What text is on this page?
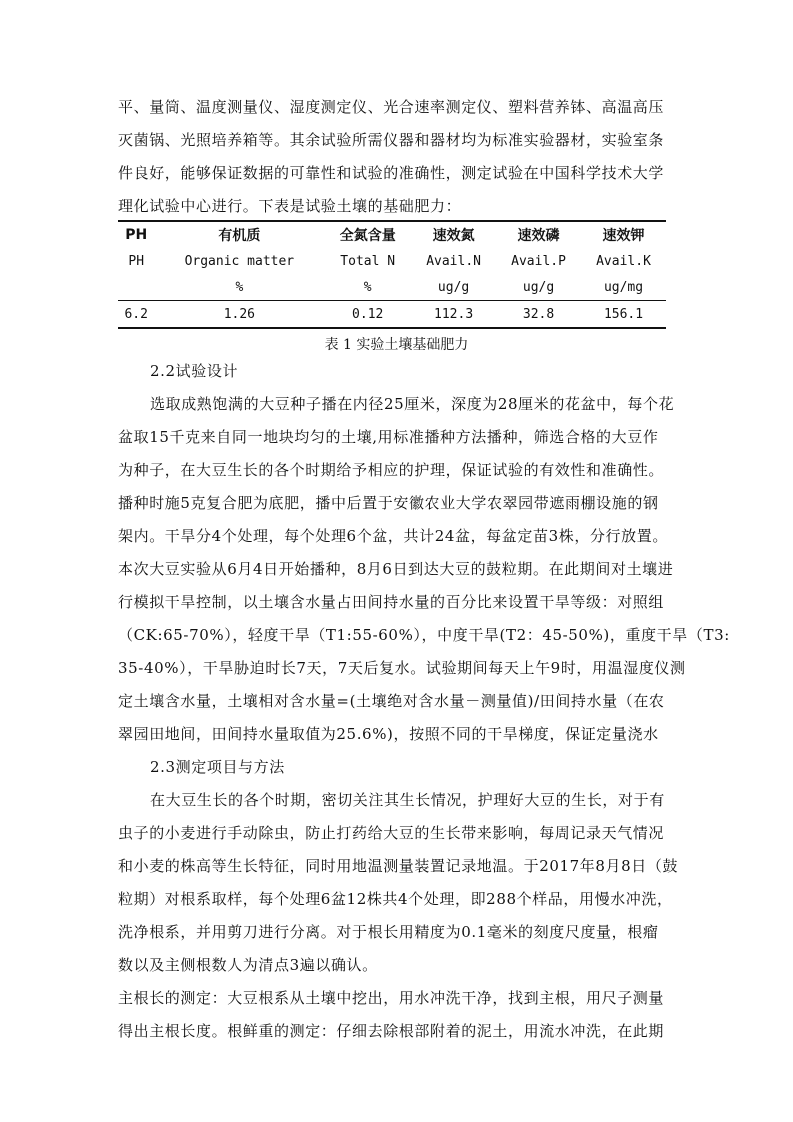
平、量筒、温度测量仪、湿度测定仪、光合速率测定仪、塑料营养钵、高温高压
灭菌锅、光照培养箱等。其余试验所需仪器和器材均为标准实验器材，实验室条
件良好，能够保证数据的可靠性和试验的准确性，测定试验在中国科学技术大学
理化试验中心进行。下表是试验土壤的基础肥力：
PH	有机质	全氮含量	速效氮	速效磷	速效钾
PH	Organic matter	Total N	Avail.N	Avail.P	Avail.K
	%	%	ug/g	ug/g	ug/mg
6.2	1.26	0.12	112.3	32.8	156.1
表 1 实验土壤基础肥力
2.2试验设计
选取成熟饱满的大豆种子播在内径25厘米，深度为28厘米的花盆中，每个花
盆取15千克来自同一地块均匀的土壤,用标准播种方法播种，筛选合格的大豆作
为种子，在大豆生长的各个时期给予相应的护理，保证试验的有效性和准确性。
播种时施5克复合肥为底肥，播中后置于安徽农业大学农翠园带遮雨棚设施的钢
架内。干旱分4个处理，每个处理6个盆，共计24盆，每盆定苗3株，分行放置。
本次大豆实验从6月4日开始播种，8月6日到达大豆的鼓粒期。在此期间对土壤进
行模拟干旱控制，以土壤含水量占田间持水量的百分比来设置干旱等级：对照组
（CK:65-70%），轻度干旱（T1:55-60%），中度干旱(T2：45-50%)，重度干旱（T3:
35-40%），干旱胁迫时长7天，7天后复水。试验期间每天上午9时，用温湿度仪测
定土壤含水量，土壤相对含水量=(土壤绝对含水量－测量值)/田间持水量（在农
翠园田地间，田间持水量取值为25.6%)，按照不同的干旱梯度，保证定量浇水
2.3测定项目与方法
在大豆生长的各个时期，密切关注其生长情况，护理好大豆的生长，对于有
虫子的小麦进行手动除虫，防止打药给大豆的生长带来影响，每周记录天气情况
和小麦的株高等生长特征，同时用地温测量装置记录地温。于2017年8月8日（鼓
粒期）对根系取样，每个处理6盆12株共4个处理，即288个样品，用慢水冲洗，
洗净根系，并用剪刀进行分离。对于根长用精度为0.1毫米的刻度尺度量，根瘤
数以及主侧根数人为清点3遍以确认。
主根长的测定：大豆根系从土壤中挖出，用水冲洗干净，找到主根，用尺子测量
得出主根长度。根鲜重的测定：仔细去除根部附着的泥土，用流水冲洗，在此期
